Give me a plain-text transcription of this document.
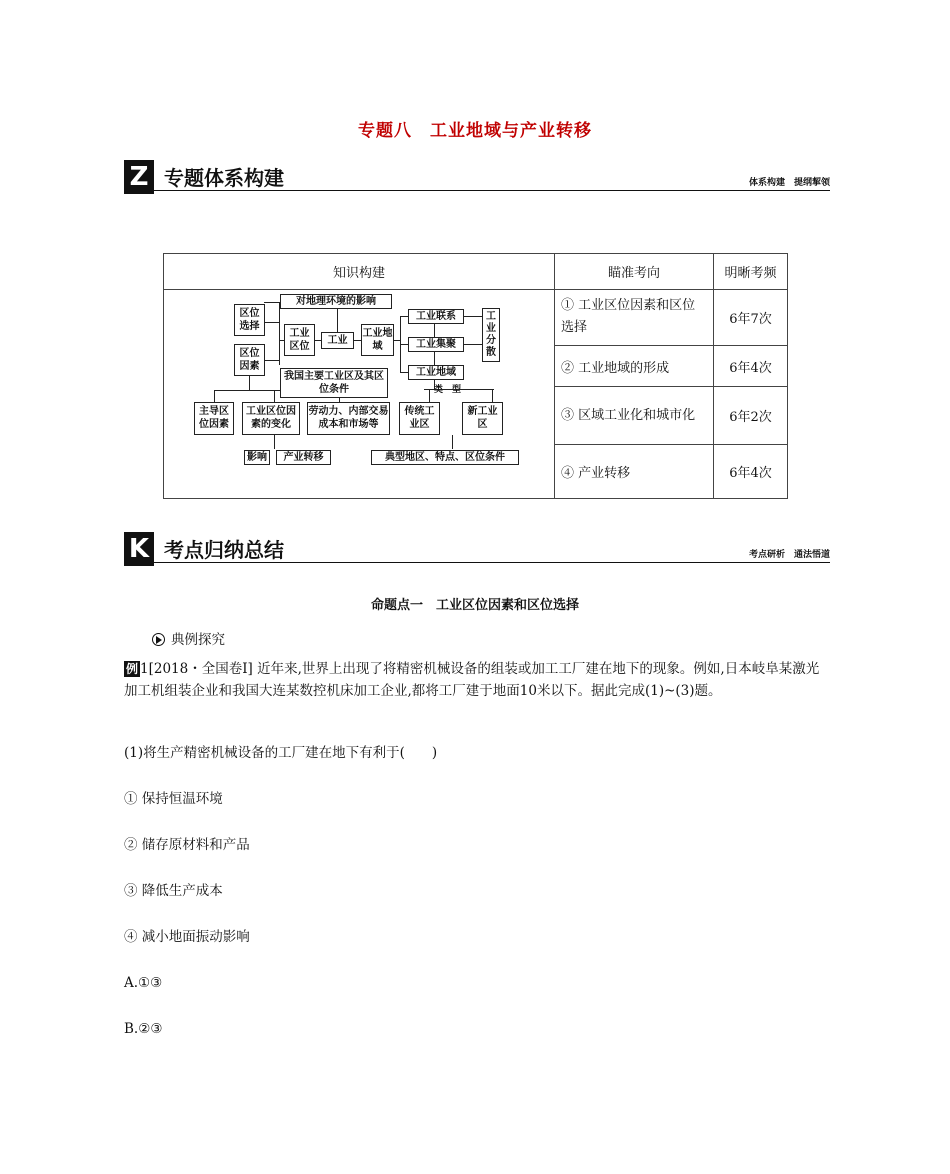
专题八　工业地域与产业转移
Z 专题体系构建	体系构建　提纲挈领
知识构建	瞄准考向	明晰考频
	① 工业区位因素和区位选择	6年7次
	② 工业地域的形成	6年4次
	③ 区域工业化和城市化	6年2次
	④ 产业转移	6年4次
对地理环境的影响
区位选择
区位因素
工业区位
工业
工业地域
工业联系
工业集聚
工业地域
工业分散
我国主要工业区及其区位条件	类　型
主导区位因素
工业区位因素的变化
劳动力、内部交易成本和市场等
传统工业区
新工业区
影响	产业转移	典型地区、特点、区位条件
K 考点归纳总结	考点研析　通法悟道
命题点一　工业区位因素和区位选择
典例探究
例 1[2018・全国卷Ⅰ] 近年来,世界上出现了将精密机械设备的组装或加工工厂建在地下的现象。例如,日本岐阜某激光加工机组装企业和我国大连某数控机床加工企业,都将工厂建于地面10米以下。据此完成(1)~(3)题。
(1)将生产精密机械设备的工厂建在地下有利于(　　)
① 保持恒温环境
② 储存原材料和产品
③ 降低生产成本
④ 减小地面振动影响
A.①③
B.②③
